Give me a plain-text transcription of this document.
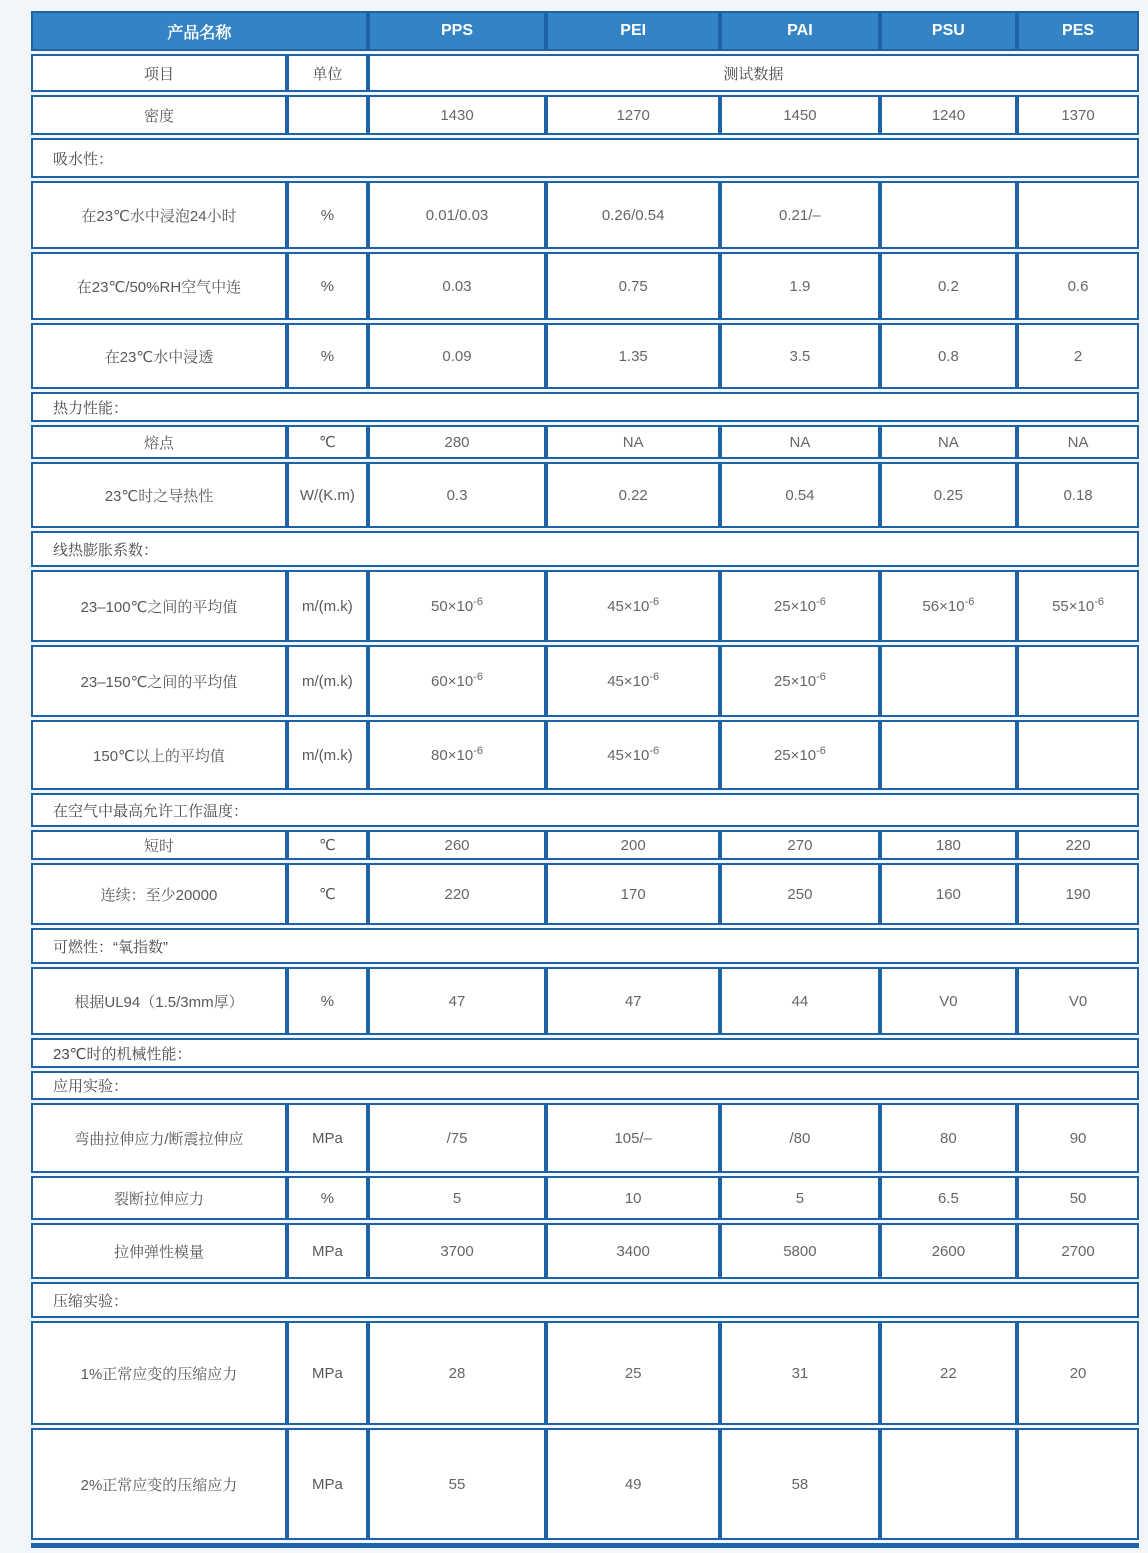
产品名称		PPS	PEI	PAI	PSU	PES
项目	单位	测试数据				
密度		1430	1270	1450	1240	1370
吸水性：						
在23℃水中浸泡24小时	%	0.01/0.03	0.26/0.54	0.21/–		
在23℃/50%RH空气中连	%	0.03	0.75	1.9	0.2	0.6
在23℃水中浸透	%	0.09	1.35	3.5	0.8	2
热力性能：						
熔点	℃	280	NA	NA	NA	NA
23℃时之导热性	W/(K.m)	0.3	0.22	0.54	0.25	0.18
线热膨胀系数：						
23–100℃之间的平均值	m/(m.k)	$50\times 10^{-6}$	$45\times 10^{-6}$	$25\times 10^{-6}$	$56\times 10^{-6}$	$55\times 10^{-6}$
23–150℃之间的平均值	m/(m.k)	$60\times 10^{-6}$	$45\times 10^{-6}$	$25\times 10^{-6}$		
150℃以上的平均值	m/(m.k)	$80\times 10^{-6}$	$45\times 10^{-6}$	$25\times 10^{-6}$		
在空气中最高允许工作温度：						
短时	℃	260	200	270	180	220
连续：至少20000	℃	220	170	250	160	190
可燃性：“氧指数”						
根据UL94（1.5/3mm厚）	%	47	47	44	V0	V0
23℃时的机械性能：						
应用实验：						
弯曲拉伸应力/断震拉伸应	MPa	/75	105/–	/80	80	90
裂断拉伸应力	%	5	10	5	6.5	50
拉伸弹性模量	MPa	3700	3400	5800	2600	2700
压缩实验：						
1%正常应变的压缩应力	MPa	28	25	31	22	20
2%正常应变的压缩应力	MPa	55	49	58		
